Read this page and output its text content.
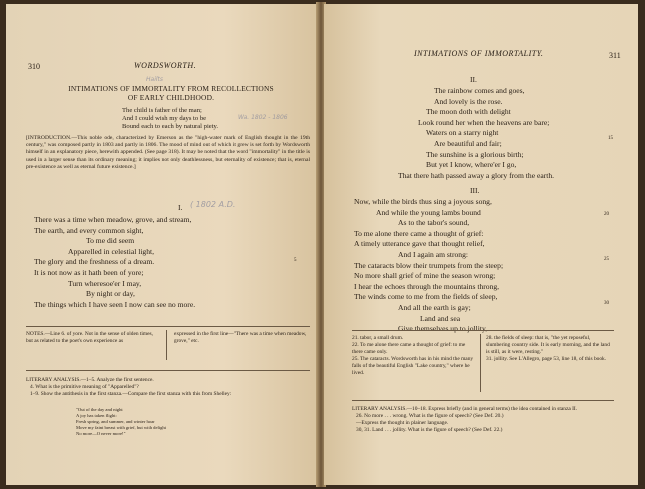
310	WORDSWORTH.
Hailts
INTIMATIONS OF IMMORTALITY FROM RECOLLECTIONS
OF EARLY CHILDHOOD.
The child is father of the man;
And I could wish my days to be
Bound each to each by natural piety.
Wa. 1802 - 1806
[INTRODUCTION.—This noble ode, characterized by Emerson as the "high-water mark of English thought in the 19th century," was composed partly in 1803 and partly in 1806. The mood of mind out of which it grew is set forth by Wordsworth himself in an explanatory piece, herewith appended. (See page 318). It may be noted that the word "immortality" in the title is used in a larger sense than its ordinary meaning; it implies not only deathlessness, but eternality of existence; that is, eternal pre-existence as well as eternal future existence.]
I. ( 1802 A.D.
There was a time when meadow, grove, and stream,
The earth, and every common sight,
To me did seem
Apparelled in celestial light,
The glory and the freshness of a dream.
It is not now as it hath been of yore;
Turn wheresoe'er I may,
By night or day,
The things which I have seen I now can see no more.
5
NOTES.—Line 6. of yore. Not in the sense of olden times, but as related to the poet's own experience as
expressed in the first line—"There was a time when meadow, grove," etc.
LITERARY ANALYSIS.—1–5. Analyze the first sentence.
4. What is the primitive meaning of "Apparelled"?
1–9. Show the antithesis in the first stanza.—Compare the first stanza with this from Shelley:
"Out of the day and night
A joy has taken flight:
Fresh spring, and summer, and winter hoar
Move my faint breast with grief, but with delight
No more—O never more!"
INTIMATIONS OF IMMORTALITY.	311
II.
The rainbow comes and goes,
And lovely is the rose.
The moon doth with delight
Look round her when the heavens are bare;
Waters on a starry night
Are beautiful and fair;
The sunshine is a glorious birth;
But yet I know, where'er I go,
That there hath passed away a glory from the earth.
15
III.
Now, while the birds thus sing a joyous song,
And while the young lambs bound
As to the tabor's sound,
To me alone there came a thought of grief:
A timely utterance gave that thought relief,
And I again am strong:
The cataracts blow their trumpets from the steep;
No more shall grief of mine the season wrong;
I hear the echoes through the mountains throng,
The winds come to me from the fields of sleep,
And all the earth is gay;
Land and sea
Give themselves up to jollity,
20
25
30
21. tabor, a small drum.
22. To me alone there came a thought of grief: to me there came only.
25. The cataracts. Wordsworth has in his mind the many falls of the beautiful English "Lake country," where he lived.
28. the fields of sleep: that is, "the yet reposeful, slumbering country side. It is early morning, and the land is still, as it were, resting."
31. jollity. See L'Allegro, page 53, line 18, of this book.
LITERARY ANALYSIS.—10–18. Express briefly (and in general terms) the idea contained in stanza II.
26. No more . . . wrong. What is the figure of speech? (See Def. 20.)
—Express the thought in plainer language.
30, 31. Land . . . jollity. What is the figure of speech? (See Def. 22.)
